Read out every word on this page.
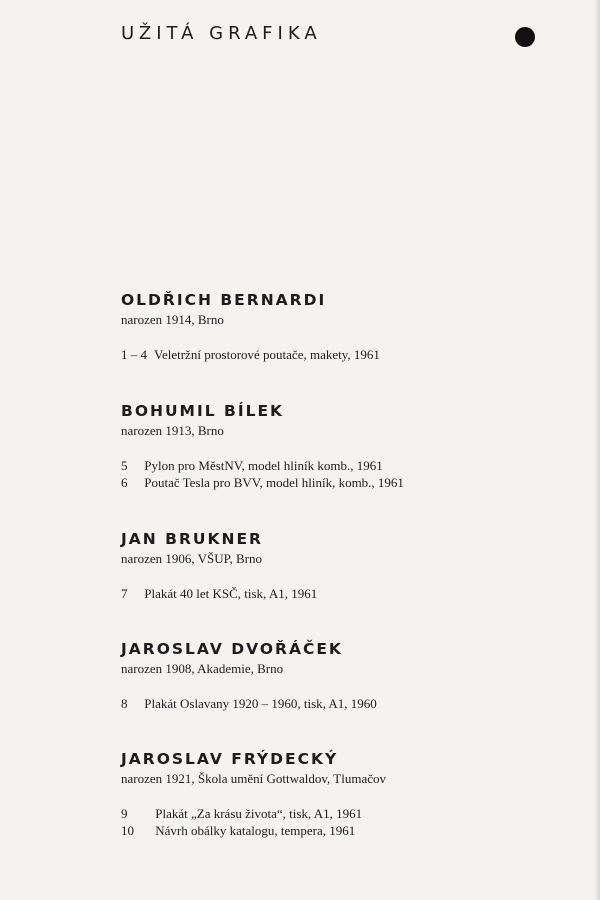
UŽITÁ GRAFIKA
OLDŘICH BERNARDI

narozen 1914, Brno

1 – 4 Veletržní prostorové poutače, makety, 1961
BOHUMIL BÍLEK

narozen 1913, Brno

5 Pylon pro MěstNV, model hliník komb., 1961
6 Poutač Tesla pro BVV, model hliník, komb., 1961
JAN BRUKNER

narozen 1906, VŠUP, Brno

7 Plakát 40 let KSČ, tisk, A1, 1961
JAROSLAV DVOŘÁČEK

narozen 1908, Akademie, Brno

8 Plakát Oslavany 1920 – 1960, tisk, A1, 1960
JAROSLAV FRÝDECKÝ

narozen 1921, Škola umění Gottwaldov, Tlumačov

9 Plakát „Za krásu života“, tisk, A1, 1961
10 Návrh obálky katalogu, tempera, 1961
